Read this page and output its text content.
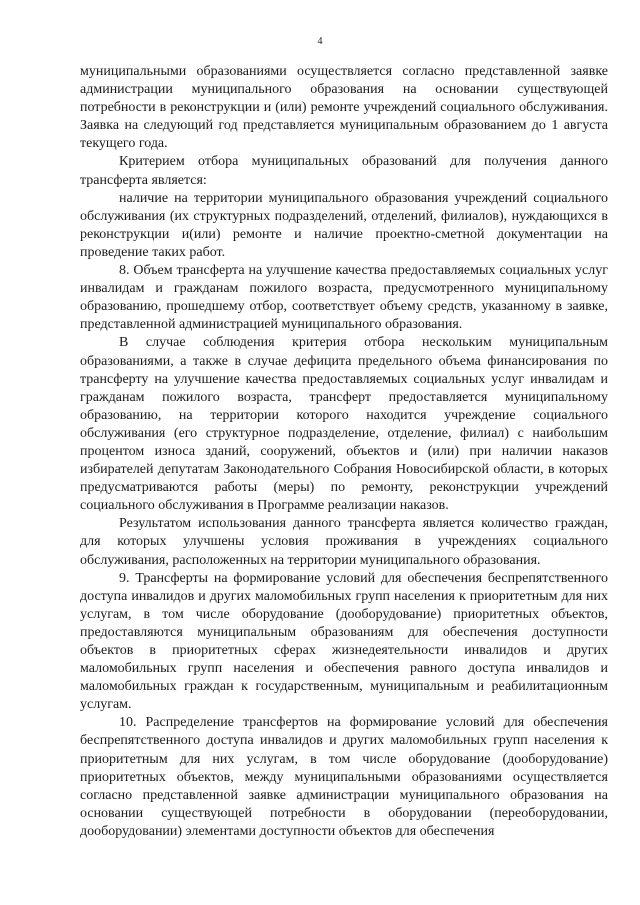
4

муниципальными образованиями осуществляется согласно представленной заявке администрации муниципального образования на основании существующей потребности в реконструкции и (или) ремонте учреждений социального обслуживания. Заявка на следующий год представляется муниципальным образованием до 1 августа текущего года.

Критерием отбора муниципальных образований для получения данного трансферта является:

наличие на территории муниципального образования учреждений социального обслуживания (их структурных подразделений, отделений, филиалов), нуждающихся в реконструкции и(или) ремонте и наличие проектно-сметной документации на проведение таких работ.

8. Объем трансферта на улучшение качества предоставляемых социальных услуг инвалидам и гражданам пожилого возраста, предусмотренного муниципальному образованию, прошедшему отбор, соответствует объему средств, указанному в заявке, представленной администрацией муниципального образования.

В случае соблюдения критерия отбора нескольким муниципальным образованиями, а также в случае дефицита предельного объема финансирования по трансферту на улучшение качества предоставляемых социальных услуг инвалидам и гражданам пожилого возраста, трансферт предоставляется муниципальному образованию, на территории которого находится учреждение социального обслуживания (его структурное подразделение, отделение, филиал) с наибольшим процентом износа зданий, сооружений, объектов и (или) при наличии наказов избирателей депутатам Законодательного Собрания Новосибирской области, в которых предусматриваются работы (меры) по ремонту, реконструкции учреждений социального обслуживания в Программе реализации наказов.

Результатом использования данного трансферта является количество граждан, для которых улучшены условия проживания в учреждениях социального обслуживания, расположенных на территории муниципального образования.

9. Трансферты на формирование условий для обеспечения беспрепятственного доступа инвалидов и других маломобильных групп населения к приоритетным для них услугам, в том числе оборудование (дооборудование) приоритетных объектов, предоставляются муниципальным образованиям для обеспечения доступности объектов в приоритетных сферах жизнедеятельности инвалидов и других маломобильных групп населения и обеспечения равного доступа инвалидов и маломобильных граждан к государственным, муниципальным и реабилитационным услугам.

10. Распределение трансфертов на формирование условий для обеспечения беспрепятственного доступа инвалидов и других маломобильных групп населения к приоритетным для них услугам, в том числе оборудование (дооборудование) приоритетных объектов, между муниципальными образованиями осуществляется согласно представленной заявке администрации муниципального образования на основании существующей потребности в оборудовании (переоборудовании, дооборудовании) элементами доступности объектов для обеспечения
